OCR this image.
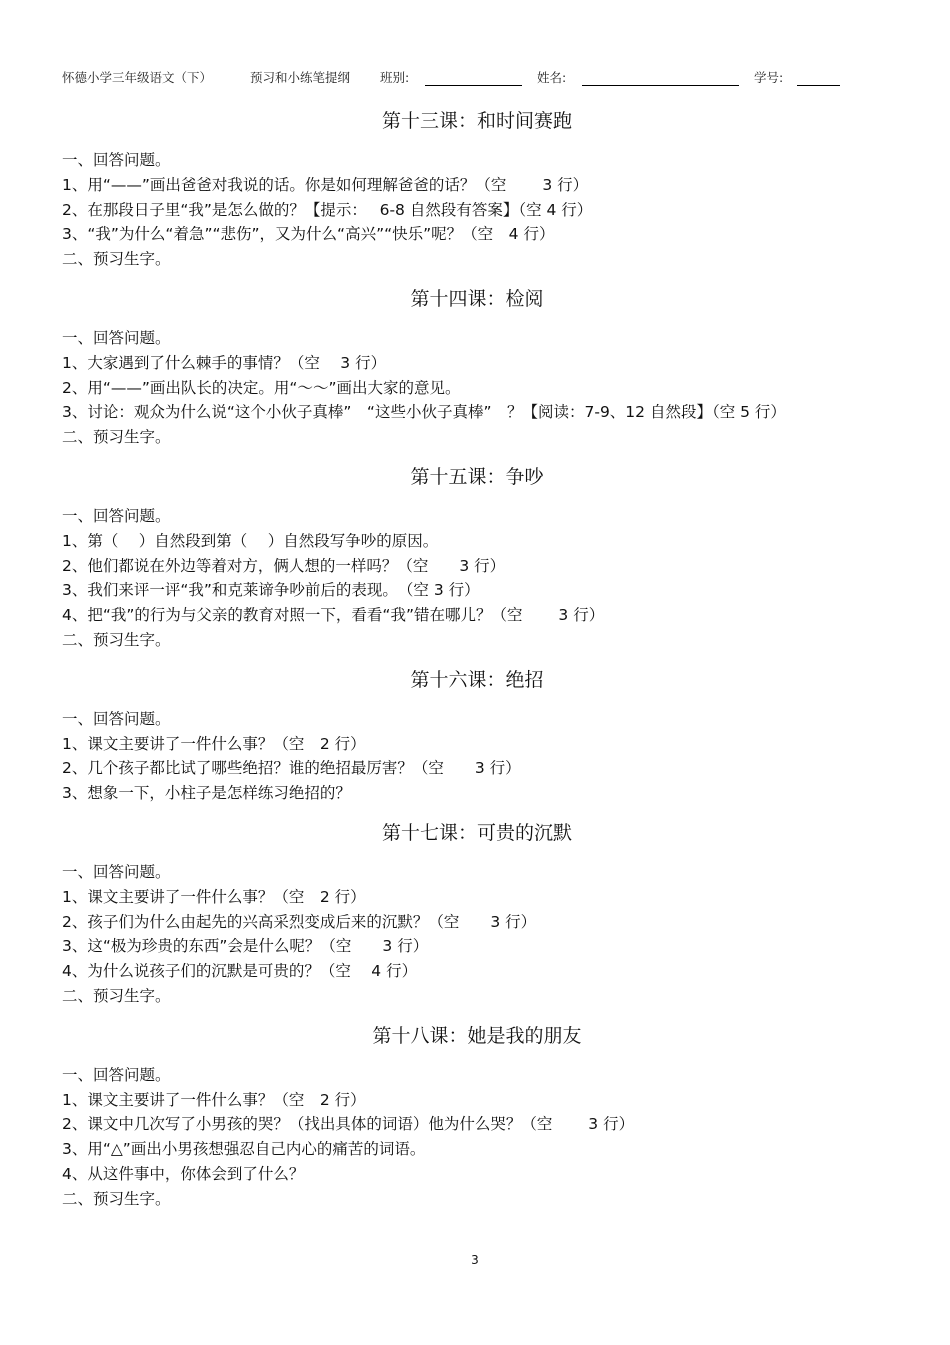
怀德小学三年级语文（下）	预习和小练笔提纲 班别:	姓名:	学号:
第十三课：和时间赛跑
一、回答问题。
1、用“——”画出爸爸对我说的话。你是如何理解爸爸的话？（空　　 3 行）
2、在那段日子里“我”是怎么做的？【提示：　 6-8 自然段有答案】（空 4 行）
3、“我”为什么“着急”“悲伤”，又为什么“高兴”“快乐”呢？（空　4 行）
二、预习生字。
第十四课：检阅
一、回答问题。
1、大家遇到了什么棘手的事情？（空　 3 行）
2、用“——”画出队长的决定。用“～～”画出大家的意见。
3、讨论：观众为什么说“这个小伙子真棒”　“这些小伙子真棒”　？【阅读：7-9、12 自然段】（空 5 行）
二、预习生字。
第十五课：争吵
一、回答问题。
1、第（　 ）自然段到第（　 ）自然段写争吵的原因。
2、他们都说在外边等着对方，俩人想的一样吗？（空　　3 行）
3、我们来评一评“我”和克莱谛争吵前后的表现。　（空 3 行）
4、把“我”的行为与父亲的教育对照一下，看看“我”错在哪儿？（空　　 3 行）
二、预习生字。
第十六课：绝招
一、回答问题。
1、课文主要讲了一件什么事？（空　2 行）
2、几个孩子都比试了哪些绝招？谁的绝招最厉害？（空　　3 行）
3、想象一下，小柱子是怎样练习绝招的？
第十七课：可贵的沉默
一、回答问题。
1、课文主要讲了一件什么事？（空　2 行）
2、孩子们为什么由起先的兴高采烈变成后来的沉默？（空　　3 行）
3、这“极为珍贵的东西”会是什么呢？（空　　3 行）
4、为什么说孩子们的沉默是可贵的？（空　 4 行）
二、预习生字。
第十八课：她是我的朋友
一、回答问题。
1、课文主要讲了一件什么事？（空　2 行）
2、课文中几次写了小男孩的哭？（找出具体的词语）他为什么哭？（空　　 3 行）
3、用“△”画出小男孩想强忍自己内心的痛苦的词语。
4、从这件事中，你体会到了什么？
二、预习生字。
3
